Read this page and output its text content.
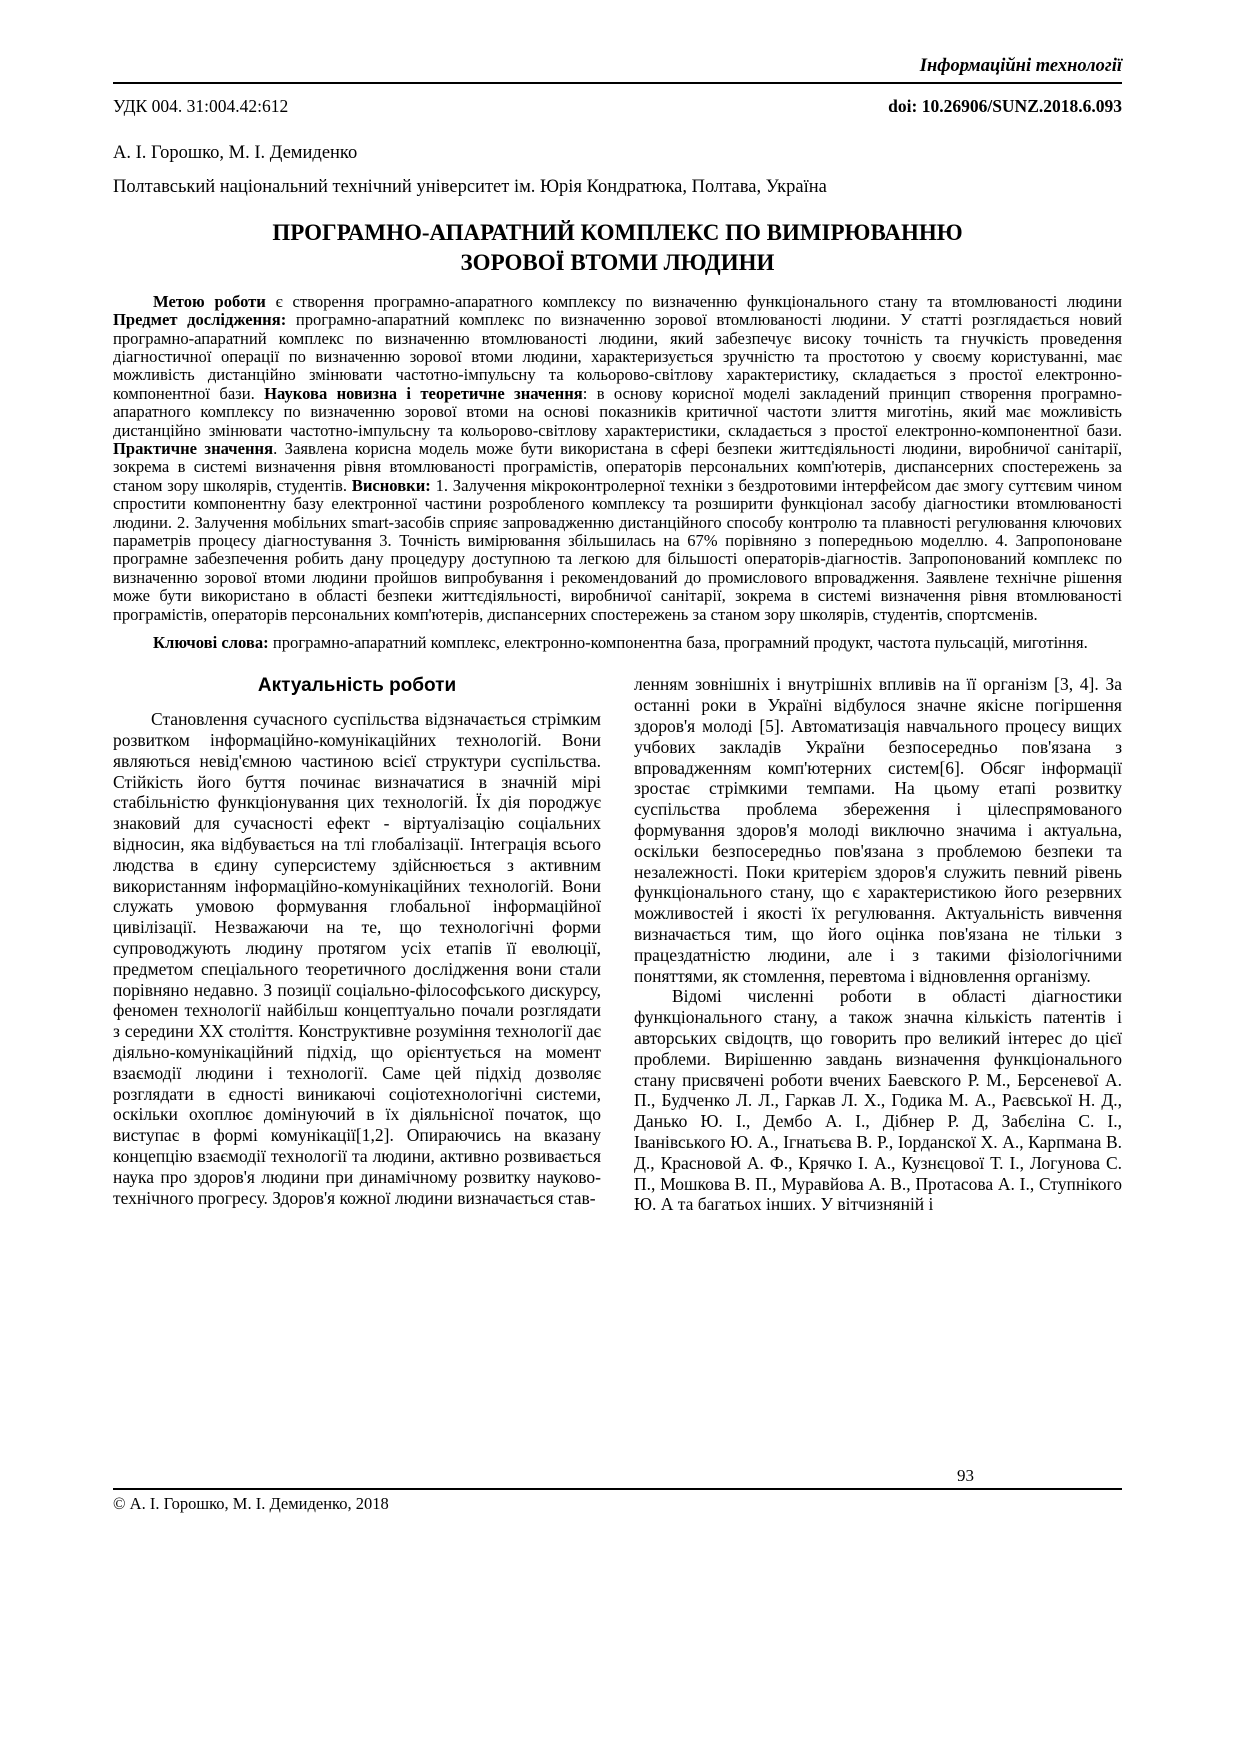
Інформаційні технології
УДК 004. 31:004.42:612	doi: 10.26906/SUNZ.2018.6.093
А. І. Горошко, М. І. Демиденко
Полтавський національний технічний університет ім. Юрія Кондратюка, Полтава, Україна
ПРОГРАМНО-АПАРАТНИЙ КОМПЛЕКС ПО ВИМІРЮВАННЮ ЗОРОВОЇ ВТОМИ ЛЮДИНИ

Метою роботи є створення програмно-апаратного комплексу по визначенню функціонального стану та втомлюваності людини Предмет дослідження: програмно-апаратний комплекс по визначенню зорової втомлюваності людини. У статті розглядається новий програмно-апаратний комплекс по визначенню втомлюваності людини, який забезпечує високу точність та гнучкість проведення діагностичної операції по визначенню зорової втоми людини, характеризується зручністю та простотою у своєму користуванні, має можливість дистанційно змінювати частотно-імпульсну та кольорово-світлову характеристику, складається з простої електронно-компонентної бази. Наукова новизна і теоретичне значення: в основу корисної моделі закладений принцип створення програмно-апаратного комплексу по визначенню зорової втоми на основі показників критичної частоти злиття миготінь, який має можливість дистанційно змінювати частотно-імпульсну та кольорово-світлову характеристики, складається з простої електронно-компонентної бази. Практичне значення. Заявлена корисна модель може бути використана в сфері безпеки життєдіяльності людини, виробничої санітарії, зокрема в системі визначення рівня втомлюваності програмістів, операторів персональних комп'ютерів, диспансерних спостережень за станом зору школярів, студентів. Висновки: 1. Залучення мікроконтролерної техніки з бездротовими інтерфейсом дає змогу суттєвим чином спростити компонентну базу електронної частини розробленого комплексу та розширити функціонал засобу діагностики втомлюваності людини. 2. Залучення мобільних smart-засобів сприяє запровадженню дистанційного способу контролю та плавності регулювання ключових параметрів процесу діагностування 3. Точність вимірювання збільшилась на 67% порівняно з попередньою моделлю. 4. Запропоноване програмне забезпечення робить дану процедуру доступною та легкою для більшості операторів-діагностів. Запропонований комплекс по визначенню зорової втоми людини пройшов випробування і рекомендований до промислового впровадження. Заявлене технічне рішення може бути використано в області безпеки життєдіяльності, виробничої санітарії, зокрема в системі визначення рівня втомлюваності програмістів, операторів персональних комп'ютерів, диспансерних спостережень за станом зору школярів, студентів, спортсменів.

Ключові слова: програмно-апаратний комплекс, електронно-компонентна база, програмний продукт, частота пульсацій, миготіння.

Актуальність роботи

Становлення сучасного суспільства відзначається стрімким розвитком інформаційно-комунікаційних технологій. Вони являються невід'ємною частиною всієї структури суспільства. Стійкість його буття починає визначатися в значній мірі стабільністю функціонування цих технологій. Їх дія породжує знаковий для сучасності ефект - віртуалізацію соціальних відносин, яка відбувається на тлі глобалізації. Інтеграція всього людства в єдину суперсистему здійснюється з активним використанням інформаційно-комунікаційних технологій. Вони служать умовою формування глобальної інформаційної цивілізації. Незважаючи на те, що технологічні форми супроводжують людину протягом усіх етапів її еволюції, предметом спеціального теоретичного дослідження вони стали порівняно недавно. З позиції соціально-філософського дискурсу, феномен технології найбільш концептуально почали розглядати з середини XX століття. Конструктивне розуміння технології дає діяльно-комунікаційний підхід, що орієнтується на момент взаємодії людини і технології. Саме цей підхід дозволяє розглядати в єдності виникаючі соціотехнологічні системи, оскільки охоплює домінуючий в їх діяльнісної початок, що виступає в формі комунікації[1,2]. Опираючись на вказану концепцію взаємодії технології та людини, активно розвивається наука про здоров'я людини при динамічному розвитку науково-технічного прогресу. Здоров'я кожної людини визначається став-

ленням зовнішніх і внутрішніх впливів на її організм [3, 4]. За останні роки в Україні відбулося значне якісне погіршення здоров'я молоді [5]. Автоматизація навчального процесу вищих учбових закладів України безпосередньо пов'язана з впровадженням комп'ютерних систем[6]. Обсяг інформації зростає стрімкими темпами. На цьому етапі розвитку суспільства проблема збереження і цілеспрямованого формування здоров'я молоді виключно значима і актуальна, оскільки безпосередньо пов'язана з проблемою безпеки та незалежності. Поки критерієм здоров'я служить певний рівень функціонального стану, що є характеристикою його резервних можливостей і якості їх регулювання. Актуальність вивчення визначається тим, що його оцінка пов'язана не тільки з працездатністю людини, але і з такими фізіологічними поняттями, як стомлення, перевтома і відновлення організму.

Відомі численні роботи в області діагностики функціонального стану, а також значна кількість патентів і авторських свідоцтв, що говорить про великий інтерес до цієї проблеми. Вирішенню завдань визначення функціонального стану присвячені роботи вчених Баевского Р. М., Берсеневої А. П., Будченко Л. Л., Гаркав Л. Х., Годика М. А., Раєвської Н. Д., Данько Ю. І., Дембо А. І., Дібнер Р. Д, Забєліна С. І., Іванівського Ю. А., Ігнатьєва В. Р., Іорданскої Х. А., Карпмана В. Д., Красновой А. Ф., Крячко І. А., Кузнєцової Т. І., Логунова С. П., Мошкова В. П., Муравйова А. В., Протасова А. І., Ступнікого Ю. А та багатьох інших. У вітчизняній і

93
© А. І. Горошко, М. І. Демиденко, 2018
